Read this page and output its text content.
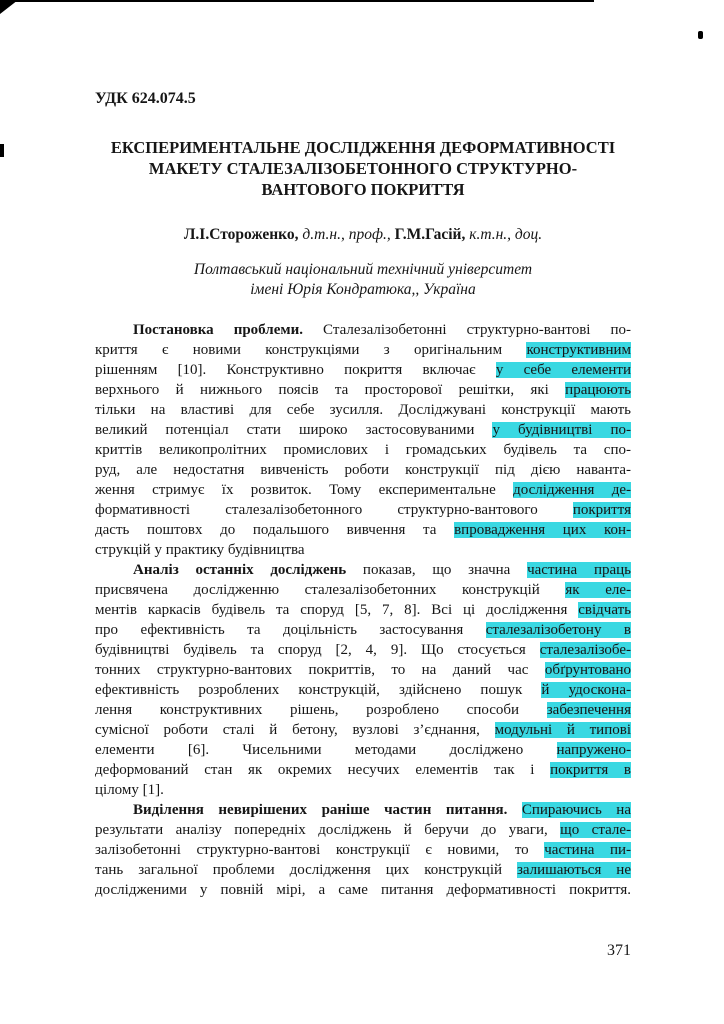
УДК 624.074.5
ЕКСПЕРИМЕНТАЛЬНЕ ДОСЛІДЖЕННЯ ДЕФОРМАТИВНОСТІ
МАКЕТУ СТАЛЕЗАЛІЗОБЕТОННОГО СТРУКТУРНО-
ВАНТОВОГО ПОКРИТТЯ
Л.І.Стороженко, д.т.н., проф., Г.М.Гасій, к.т.н., доц.
Полтавський національний технічний університет
імені Юрія Кондратюка,, Україна
Постановка проблеми. Сталезалізобетонні структурно-вантові по-
криття є новими конструкціями з оригінальним конструктивним
рішенням [10]. Конструктивно покриття включає у себе елементи
верхнього й нижнього поясів та просторової решітки, які працюють
тільки на властиві для себе зусилля. Досліджувані конструкції мають
великий потенціал стати широко застосовуваними у будівництві по-
криттів великопролітних промислових і громадських будівель та спо-
руд, але недостатня вивченість роботи конструкції під дією наванта-
ження стримує їх розвиток. Тому експериментальне дослідження де-
формативності сталезалізобетонного структурно-вантового покриття
дасть поштовх до подальшого вивчення та впровадження цих кон-
струкцій у практику будівництва
Аналіз останніх досліджень показав, що значна частина праць
присвячена дослідженню сталезалізобетонних конструкцій як еле-
ментів каркасів будівель та споруд [5, 7, 8]. Всі ці дослідження свідчать
про ефективність та доцільність застосування сталезалізобетону в
будівництві будівель та споруд [2, 4, 9]. Що стосується сталезалізобе-
тонних структурно-вантових покриттів, то на даний час обґрунтовано
ефективність розроблених конструкцій, здійснено пошук й удоскона-
лення конструктивних рішень, розроблено способи забезпечення
сумісної роботи сталі й бетону, вузлові з’єднання, модульні й типові
елементи [6]. Чисельними методами досліджено напружено-
деформований стан як окремих несучих елементів так і покриття в
цілому [1].
Виділення невирішених раніше частин питання. Спираючись на
результати аналізу попередніх досліджень й беручи до уваги, що стале-
залізобетонні структурно-вантові конструкції є новими, то частина пи-
тань загальної проблеми дослідження цих конструкцій залишаються не
дослідженими у повній мірі, а саме питання деформативності покриття.
371
